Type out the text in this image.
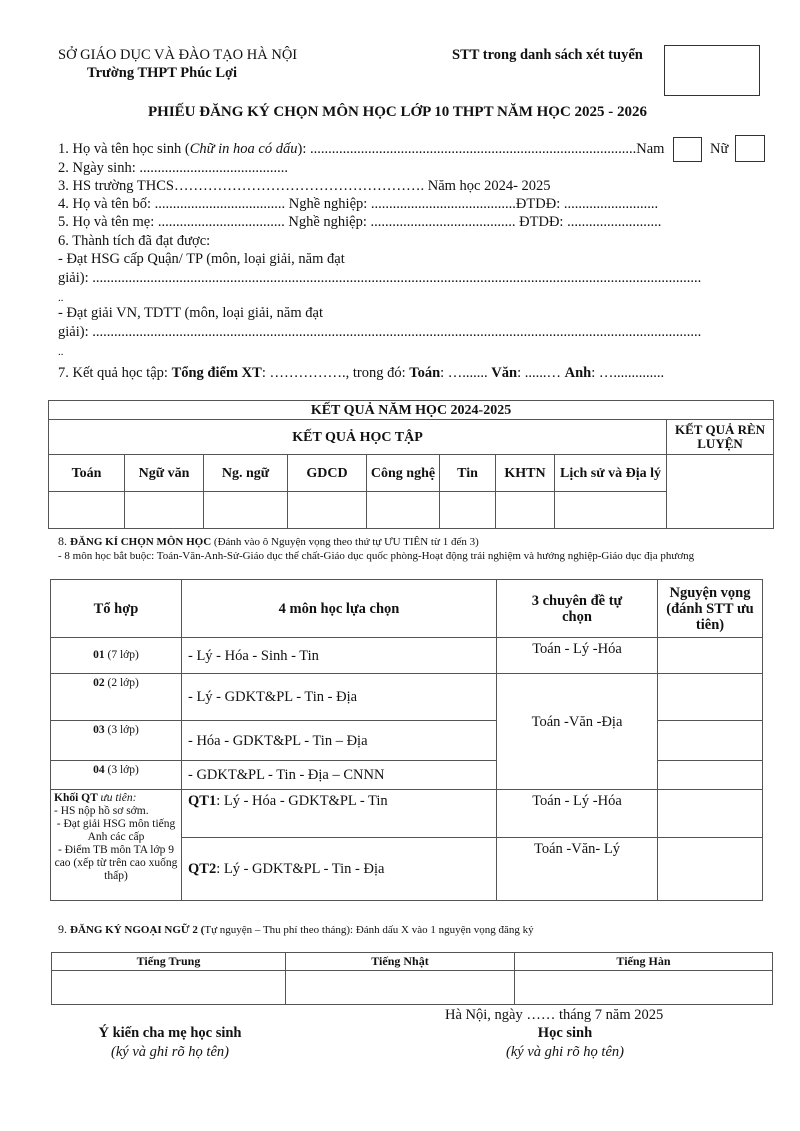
SỞ GIÁO DỤC VÀ ĐÀO TẠO HÀ NỘI
Trường THPT Phúc Lợi
STT trong danh sách xét tuyển
PHIẾU ĐĂNG KÝ CHỌN MÔN HỌC LỚP 10 THPT NĂM HỌC 2025 - 2026
1. Họ và tên học sinh (Chữ in hoa có dấu): ..........................................................................................Nam	Nữ
2. Ngày sinh: .........................................
3. HS trường THCS……………………………………………. Năm học 2024- 2025
4. Họ và tên bố: .................................... Nghề nghiệp: ........................................ĐTDĐ: ..........................
5. Họ và tên mẹ: ................................... Nghề nghiệp: ........................................ ĐTDĐ: ..........................
6. Thành tích đã đạt được:
- Đạt HSG cấp Quận/ TP (môn, loại giải, năm đạt
giải): ........................................................................................................................................................................
..
- Đạt giải VN, TDTT (môn, loại giải, năm đạt
giải): ........................................................................................................................................................................
..
7. Kết quả học tập: Tổng điểm XT: ……………., trong đó: Toán: …....... Văn: ......… Anh: …..............
KẾT QUẢ NĂM HỌC 2024-2025								
KẾT QUẢ HỌC TẬP								KẾT QUẢ RÈN LUYỆN
Toán	Ngữ văn	Ng. ngữ	GDCD	Công nghệ	Tin	KHTN	Lịch sử và Địa lý	

8. ĐĂNG KÍ CHỌN MÔN HỌC (Đánh vào ô Nguyện vọng theo thứ tự ƯU TIÊN từ 1 đến 3)
- 8 môn học bắt buộc: Toán-Văn-Anh-Sử-Giáo dục thể chất-Giáo dục quốc phòng-Hoạt động trải nghiệm và hướng nghiệp-Giáo dục địa phương
Tổ hợp	4 môn học lựa chọn	3 chuyên đề tự chọn	Nguyện vọng (đánh STT ưu tiên)
01 (7 lớp)	- Lý - Hóa - Sinh - Tin	Toán - Lý -Hóa	
02 (2 lớp)	- Lý - GDKT&PL - Tin - Địa	Toán -Văn -Địa	
03 (3 lớp)	- Hóa - GDKT&PL - Tin – Địa		
04 (3 lớp)	- GDKT&PL - Tin - Địa – CNNN		

Khối QT ưu tiên:
- HS nộp hồ sơ sớm.
- Đạt giải HSG môn tiếng Anh các cấp
- Điểm TB môn TA lớp 9 cao (xếp từ trên cao xuống thấp)	QT1: Lý - Hóa - GDKT&PL - Tin	Toán - Lý -Hóa	
	QT2: Lý - GDKT&PL - Tin - Địa	Toán -Văn- Lý	
9. ĐĂNG KÝ NGOẠI NGỮ 2 (Tự nguyện – Thu phí theo tháng): Đánh dấu X vào 1 nguyện vọng đăng ký
Tiếng Trung	Tiếng Nhật	Tiếng Hàn

Hà Nội, ngày …… tháng 7 năm 2025
Ý kiến cha mẹ học sinh
(ký và ghi rõ họ tên)
Học sinh
(ký và ghi rõ họ tên)
